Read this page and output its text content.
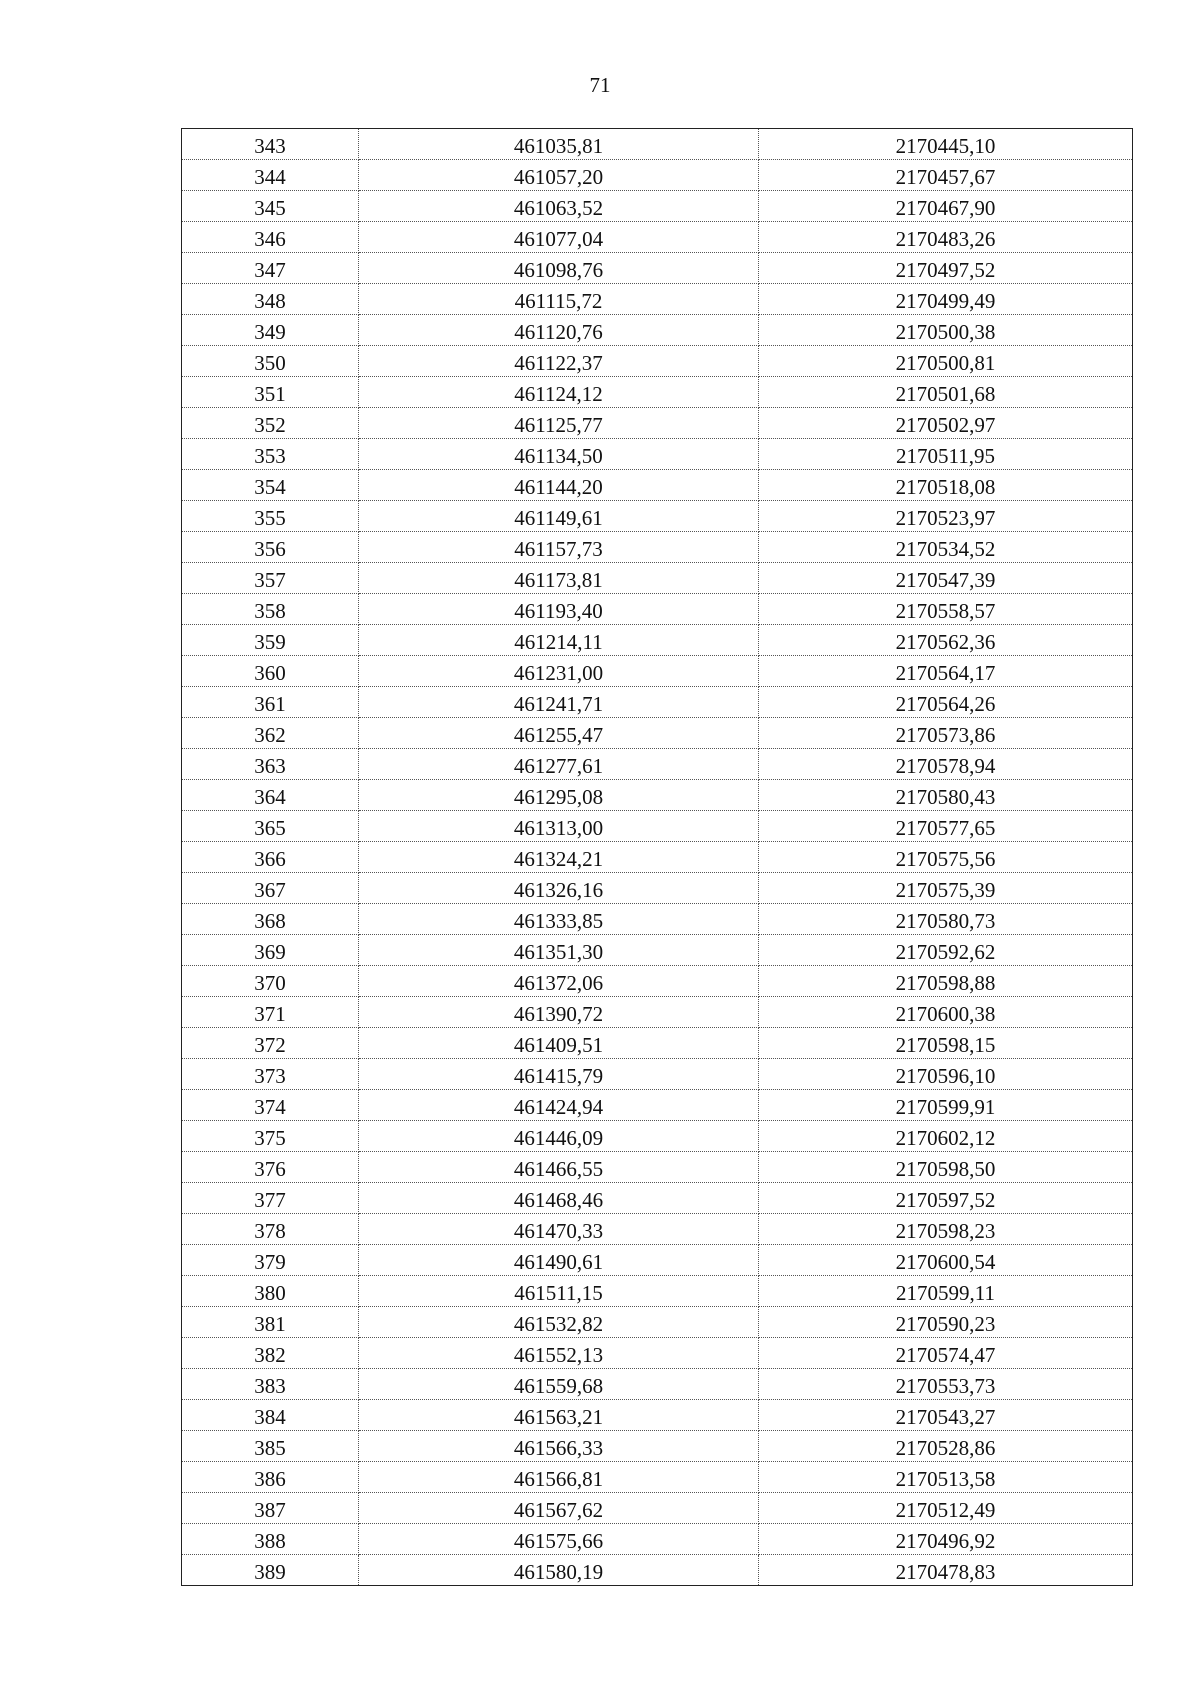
71
343	461035,81	2170445,10
344	461057,20	2170457,67
345	461063,52	2170467,90
346	461077,04	2170483,26
347	461098,76	2170497,52
348	461115,72	2170499,49
349	461120,76	2170500,38
350	461122,37	2170500,81
351	461124,12	2170501,68
352	461125,77	2170502,97
353	461134,50	2170511,95
354	461144,20	2170518,08
355	461149,61	2170523,97
356	461157,73	2170534,52
357	461173,81	2170547,39
358	461193,40	2170558,57
359	461214,11	2170562,36
360	461231,00	2170564,17
361	461241,71	2170564,26
362	461255,47	2170573,86
363	461277,61	2170578,94
364	461295,08	2170580,43
365	461313,00	2170577,65
366	461324,21	2170575,56
367	461326,16	2170575,39
368	461333,85	2170580,73
369	461351,30	2170592,62
370	461372,06	2170598,88
371	461390,72	2170600,38
372	461409,51	2170598,15
373	461415,79	2170596,10
374	461424,94	2170599,91
375	461446,09	2170602,12
376	461466,55	2170598,50
377	461468,46	2170597,52
378	461470,33	2170598,23
379	461490,61	2170600,54
380	461511,15	2170599,11
381	461532,82	2170590,23
382	461552,13	2170574,47
383	461559,68	2170553,73
384	461563,21	2170543,27
385	461566,33	2170528,86
386	461566,81	2170513,58
387	461567,62	2170512,49
388	461575,66	2170496,92
389	461580,19	2170478,83
